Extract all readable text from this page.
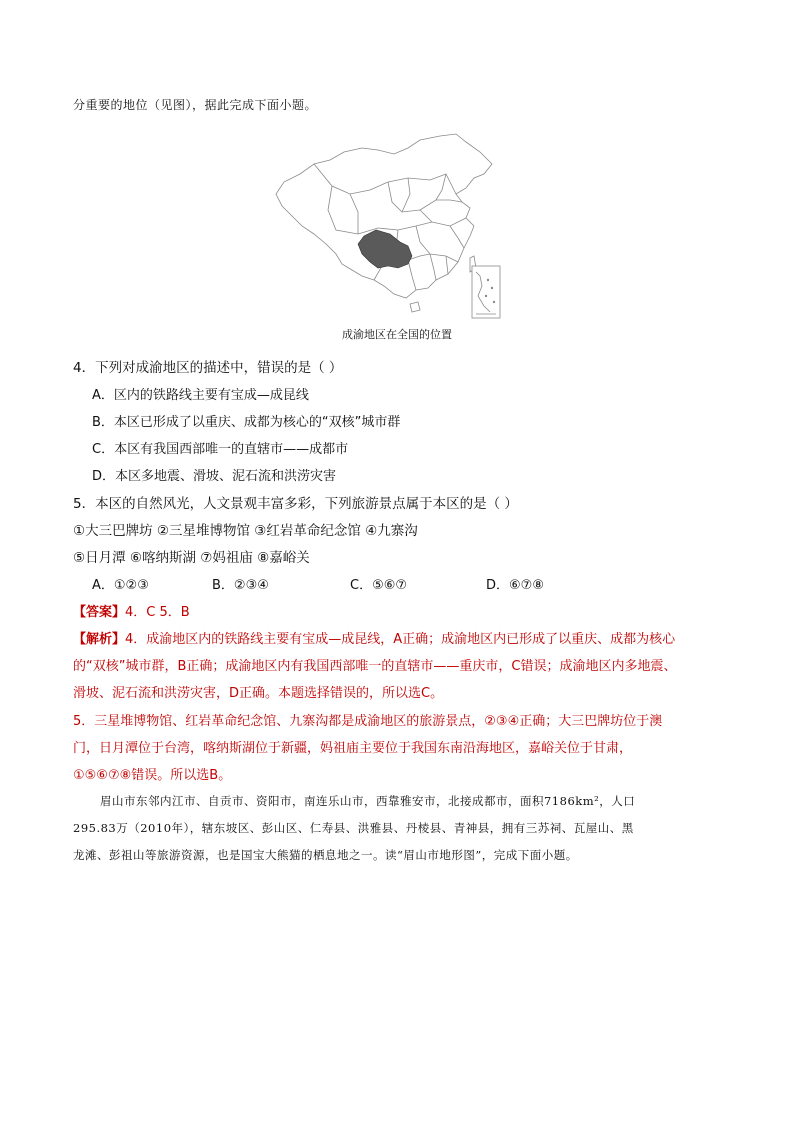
分重要的地位（见图），据此完成下面小题。
成渝地区在全国的位置
4．下列对成渝地区的描述中，错误的是（ ）
A．区内的铁路线主要有宝成—成昆线
B．本区已形成了以重庆、成都为核心的“双核”城市群
C．本区有我国西部唯一的直辖市——成都市
D．本区多地震、滑坡、泥石流和洪涝灾害
5．本区的自然风光，人文景观丰富多彩，下列旅游景点属于本区的是（ ）
①大三巴牌坊 ②三星堆博物馆 ③红岩革命纪念馆 ④九寨沟
⑤日月潭 ⑥喀纳斯湖 ⑦妈祖庙 ⑧嘉峪关
A．①②③	B．②③④	C．⑤⑥⑦	D．⑥⑦⑧
【答案】4．C 5．B
【解析】4．成渝地区内的铁路线主要有宝成—成昆线，A正确；成渝地区内已形成了以重庆、成都为核心
的“双核”城市群，B正确；成渝地区内有我国西部唯一的直辖市——重庆市，C错误；成渝地区内多地震、
滑坡、泥石流和洪涝灾害，D正确。本题选择错误的，所以选C。
5．三星堆博物馆、红岩革命纪念馆、九寨沟都是成渝地区的旅游景点，②③④正确；大三巴牌坊位于澳
门，日月潭位于台湾，喀纳斯湖位于新疆，妈祖庙主要位于我国东南沿海地区，嘉峪关位于甘肃，
①⑤⑥⑦⑧错误。所以选B。
眉山市东邻内江市、自贡市、资阳市，南连乐山市，西靠雅安市，北接成都市，面积7186km²，人口
295.83万（2010年），辖东坡区、彭山区、仁寿县、洪雅县、丹棱县、青神县，拥有三苏祠、瓦屋山、黑
龙滩、彭祖山等旅游资源，也是国宝大熊猫的栖息地之一。读“眉山市地形图”，完成下面小题。
